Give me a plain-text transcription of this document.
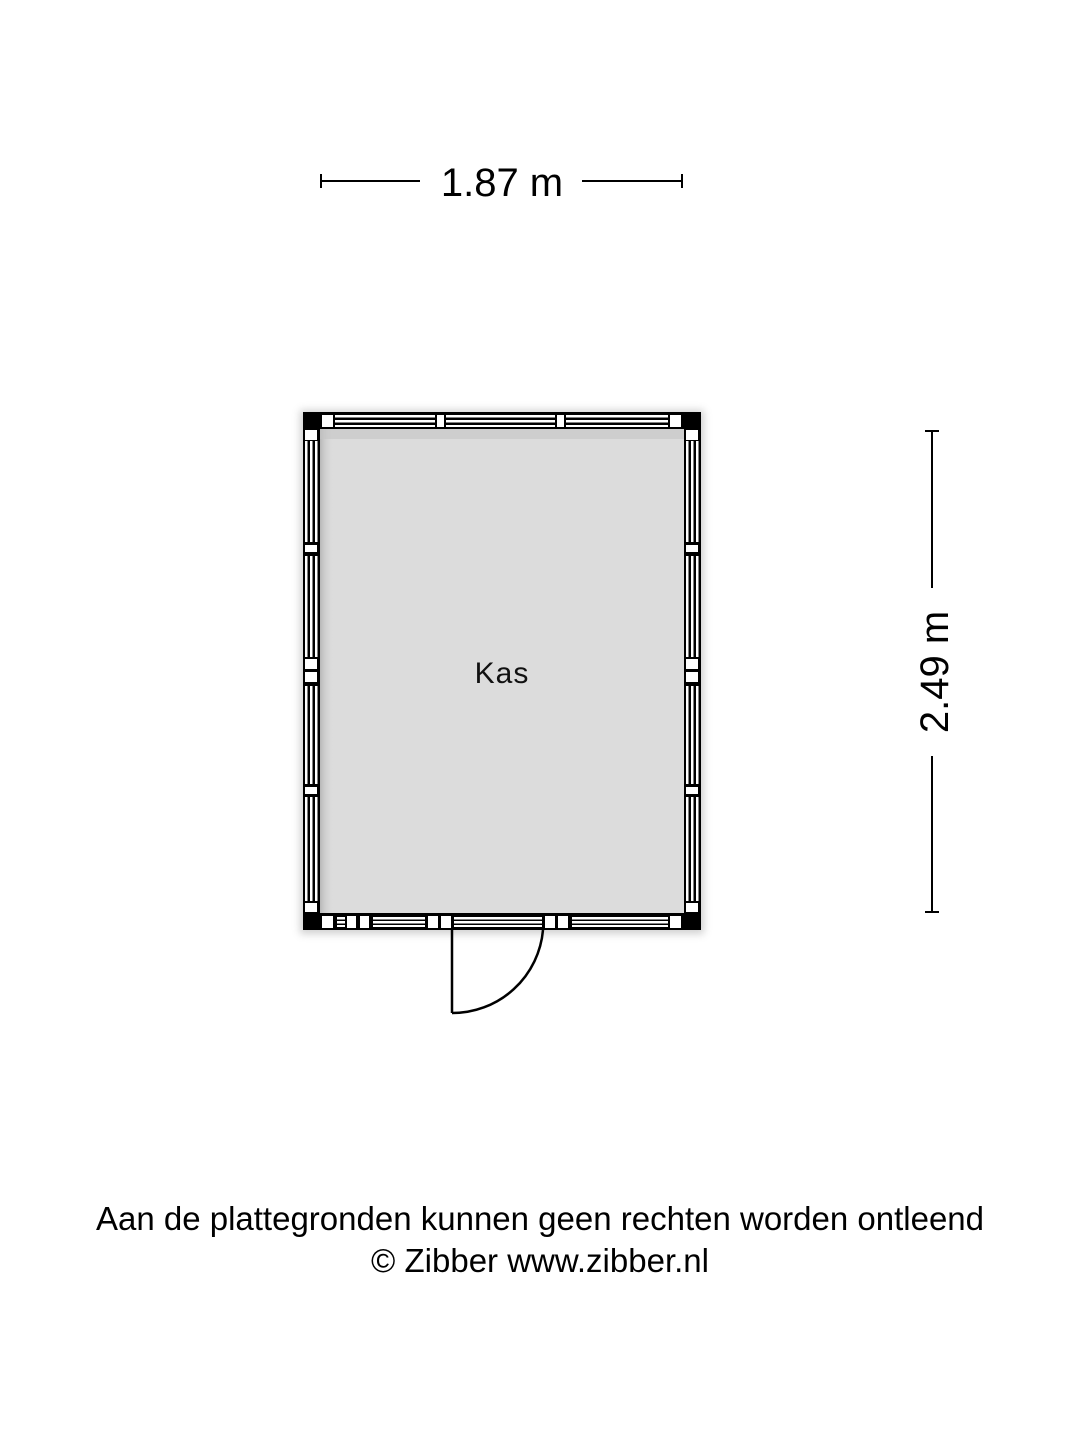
1.87 m
2.49 m
Kas
Aan de plattegronden kunnen geen rechten worden ontleend
© Zibber www.zibber.nl
